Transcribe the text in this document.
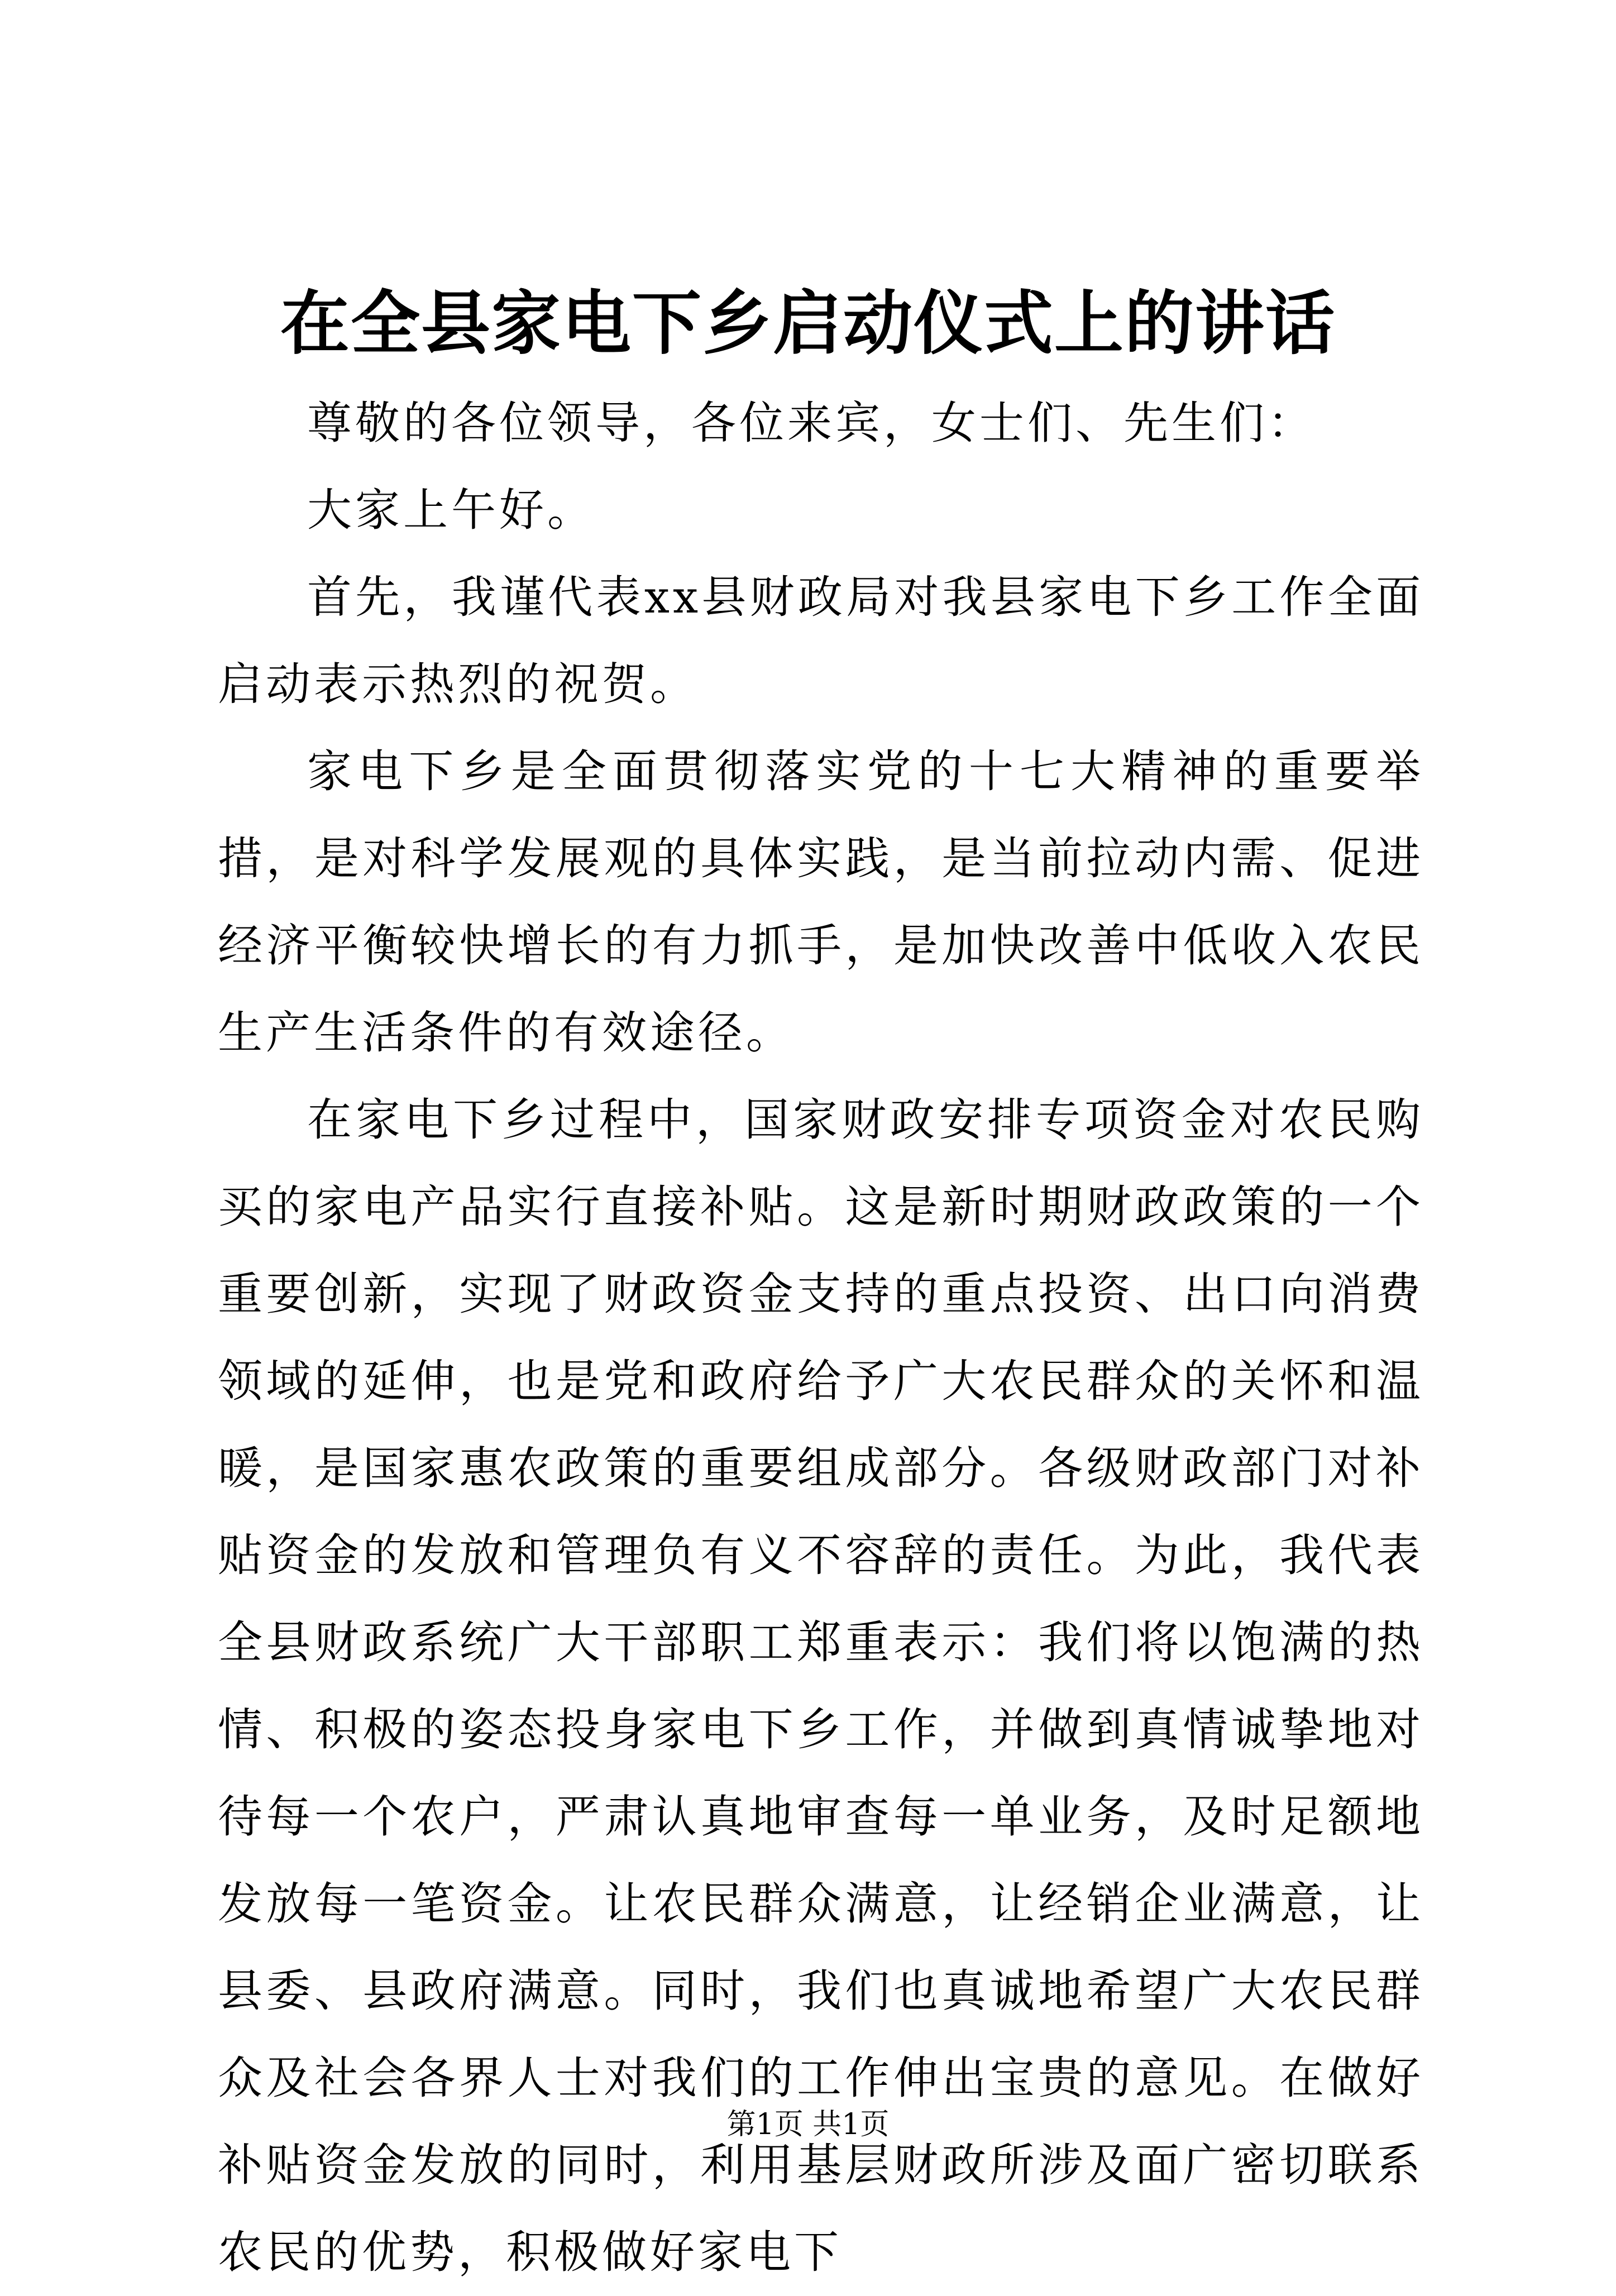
在全县家电下乡启动仪式上的讲话

尊敬的各位领导，各位来宾，女士们、先生们：

大家上午好。

首先，我谨代表xx县财政局对我县家电下乡工作全面启动表示热烈的祝贺。

家电下乡是全面贯彻落实党的十七大精神的重要举措，是对科学发展观的具体实践，是当前拉动内需、促进经济平衡较快增长的有力抓手，是加快改善中低收入农民生产生活条件的有效途径。

在家电下乡过程中，国家财政安排专项资金对农民购买的家电产品实行直接补贴。这是新时期财政政策的一个重要创新，实现了财政资金支持的重点投资、出口向消费领域的延伸，也是党和政府给予广大农民群众的关怀和温暖，是国家惠农政策的重要组成部分。各级财政部门对补贴资金的发放和管理负有义不容辞的责任。为此，我代表全县财政系统广大干部职工郑重表示：我们将以饱满的热情、积极的姿态投身家电下乡工作，并做到真情诚挚地对待每一个农户，严肃认真地审查每一单业务，及时足额地发放每一笔资金。让农民群众满意，让经销企业满意，让县委、县政府满意。同时，我们也真诚地希望广大农民群众及社会各界人士对我们的工作伸出宝贵的意见。在做好补贴资金发放的同时，利用基层财政所涉及面广密切联系农民的优势，积极做好家电下

第1页 共1页
